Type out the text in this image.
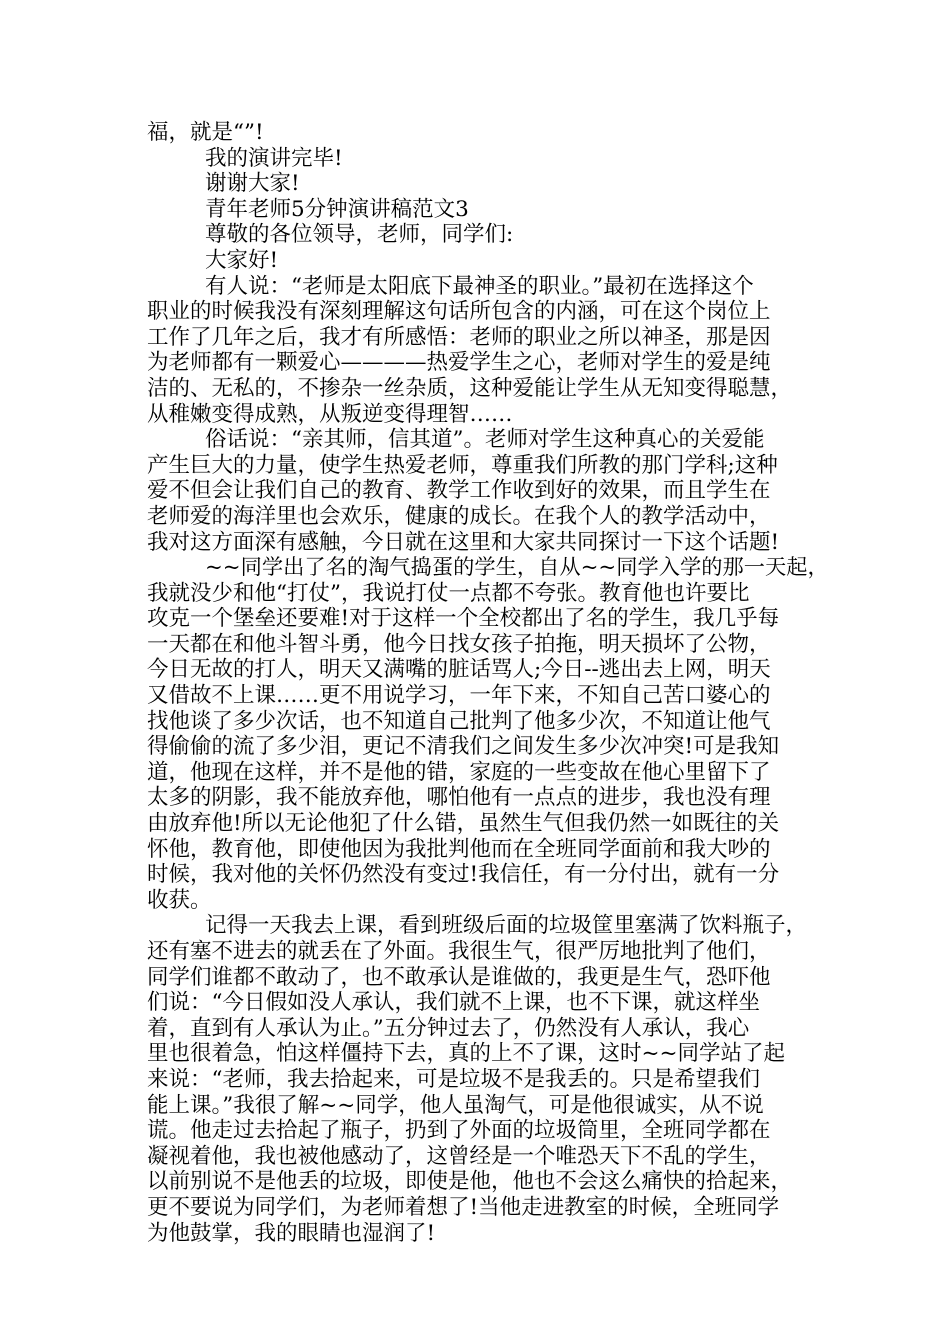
福，就是“”!
我的演讲完毕!
谢谢大家!
青年老师5分钟演讲稿范文3
尊敬的各位领导，老师，同学们:
大家好!
有人说：“老师是太阳底下最神圣的职业。”最初在选择这个
职业的时候我没有深刻理解这句话所包含的内涵，可在这个岗位上
工作了几年之后，我才有所感悟：老师的职业之所以神圣，那是因
为老师都有一颗爱心————热爱学生之心，老师对学生的爱是纯
洁的、无私的，不掺杂一丝杂质，这种爱能让学生从无知变得聪慧，
从稚嫩变得成熟，从叛逆变得理智……
俗话说：“亲其师，信其道”。老师对学生这种真心的关爱能
产生巨大的力量，使学生热爱老师，尊重我们所教的那门学科;这种
爱不但会让我们自己的教育、教学工作收到好的效果，而且学生在
老师爱的海洋里也会欢乐，健康的成长。在我个人的教学活动中，
我对这方面深有感触，今日就在这里和大家共同探讨一下这个话题!
~~同学出了名的淘气捣蛋的学生，自从~~同学入学的那一天起，
我就没少和他“打仗”，我说打仗一点都不夸张。教育他也许要比
攻克一个堡垒还要难!对于这样一个全校都出了名的学生，我几乎每
一天都在和他斗智斗勇，他今日找女孩子拍拖，明天损坏了公物，
今日无故的打人，明天又满嘴的脏话骂人;今日--逃出去上网，明天
又借故不上课……更不用说学习，一年下来，不知自己苦口婆心的
找他谈了多少次话，也不知道自己批判了他多少次，不知道让他气
得偷偷的流了多少泪，更记不清我们之间发生多少次冲突!可是我知
道，他现在这样，并不是他的错，家庭的一些变故在他心里留下了
太多的阴影，我不能放弃他，哪怕他有一点点的进步，我也没有理
由放弃他!所以无论他犯了什么错，虽然生气但我仍然一如既往的关
怀他，教育他，即使他因为我批判他而在全班同学面前和我大吵的
时候，我对他的关怀仍然没有变过!我信任，有一分付出，就有一分
收获。
记得一天我去上课，看到班级后面的垃圾筐里塞满了饮料瓶子，
还有塞不进去的就丢在了外面。我很生气，很严厉地批判了他们，
同学们谁都不敢动了，也不敢承认是谁做的，我更是生气，恐吓他
们说：“今日假如没人承认，我们就不上课，也不下课，就这样坐
着，直到有人承认为止。”五分钟过去了，仍然没有人承认，我心
里也很着急，怕这样僵持下去，真的上不了课，这时~~同学站了起
来说：“老师，我去拾起来，可是垃圾不是我丢的。只是希望我们
能上课。”我很了解~~同学，他人虽淘气，可是他很诚实，从不说
谎。他走过去拾起了瓶子，扔到了外面的垃圾筒里，全班同学都在
凝视着他，我也被他感动了，这曾经是一个唯恐天下不乱的学生，
以前别说不是他丢的垃圾，即使是他，他也不会这么痛快的拾起来，
更不要说为同学们，为老师着想了!当他走进教室的时候，全班同学
为他鼓掌，我的眼睛也湿润了!
